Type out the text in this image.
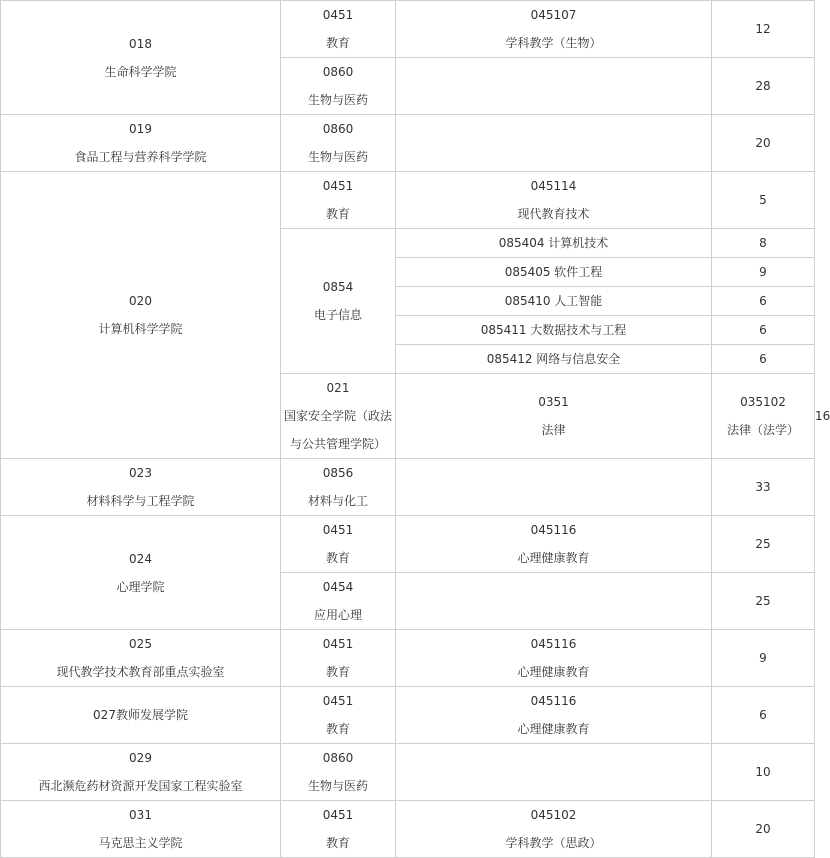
018
生命科学学院	0451
教育	045107
学科教学（生物）	12	

	0860
生物与医药		28	

019
食品工程与营养科学学院	0860
生物与医药		20	

020
计算机科学学院	0451
教育	045114
现代教育技术	5	

	0854
电子信息	085404 计算机技术	8	
		085405 软件工程	9	
		085410 人工智能	6	
		085411 大数据技术与工程	6	
		085412 网络与信息安全	6	

	021
国家安全学院（政法与公共管理学院）	0351
法律	035102
法律（法学）	16

023
材料科学与工程学院	0856
材料与化工		33	

024
心理学院	0451
教育	045116
心理健康教育	25	

	0454
应用心理		25	

025
现代教学技术教育部重点实验室	0451
教育	045116
心理健康教育	9	

027教师发展学院	0451
教育	045116
心理健康教育	6	

029
西北濒危药材资源开发国家工程实验室	0860
生物与医药		10	

031
马克思主义学院	0451
教育	045102
学科教学（思政）	20	
